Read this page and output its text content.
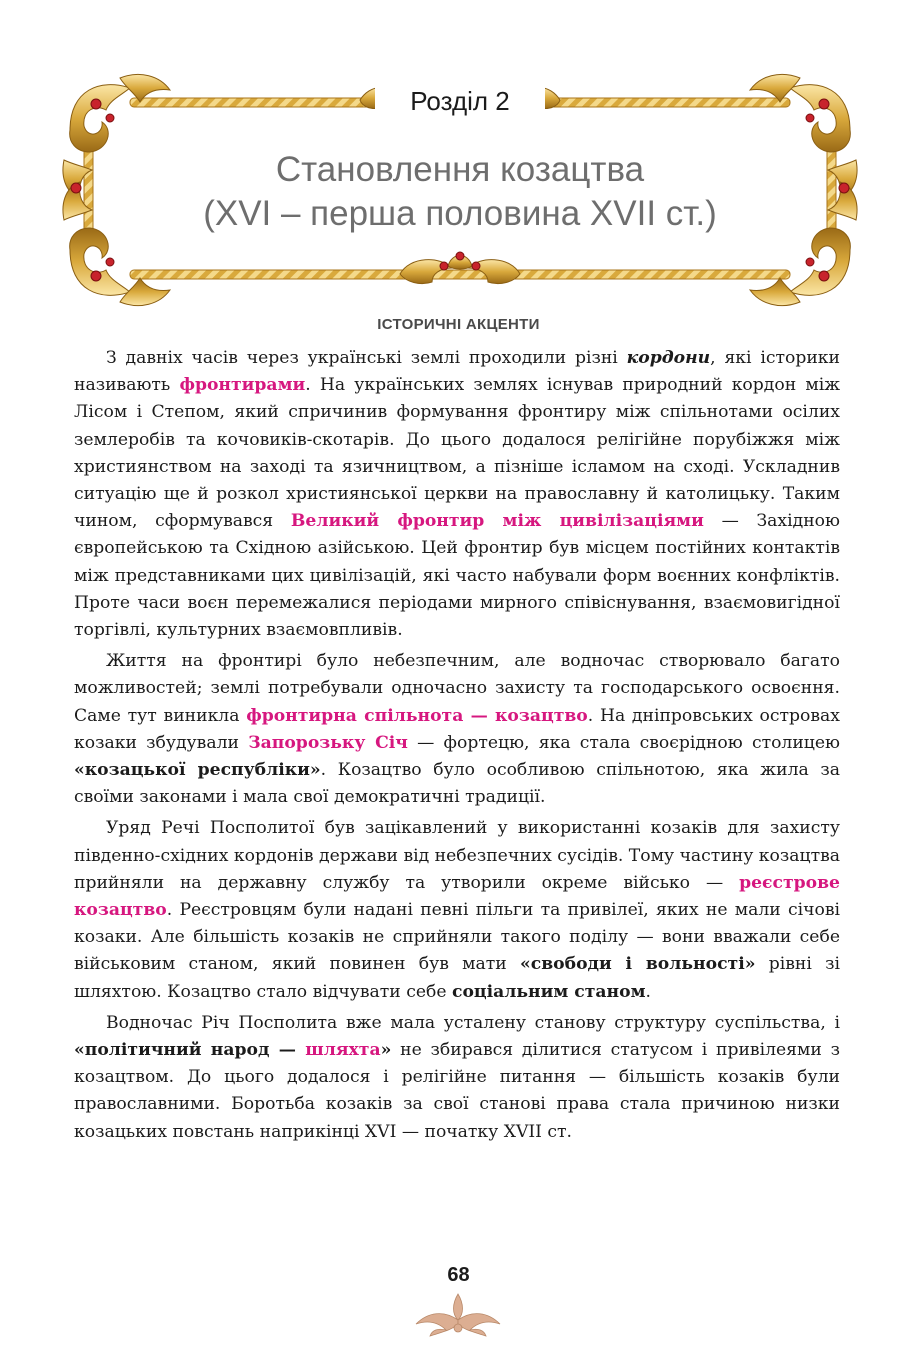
Розділ 2
Становлення козацтва
(XVI – перша половина XVII ст.)
ІСТОРИЧНІ АКЦЕНТИ

З давніх часів через українські землі проходили різні кордони, які історики називають фронтирами. На українських землях існував природний кордон між Лісом і Степом, який спричинив формування фронтиру між спільнотами осілих землеробів та кочовиків-скотарів. До цього додалося релігійне порубіжжя між християнством на заході та язичництвом, а пізніше ісламом на сході. Ускладнив ситуацію ще й розкол християнської церкви на православну й католицьку. Таким чином, сформувався Великий фронтир між цивілізаціями — Західною європейською та Східною азійською. Цей фронтир був місцем постійних контактів між представниками цих цивілізацій, які часто набували форм воєнних конфліктів. Проте часи воєн перемежалися періодами мирного співіснування, взаємовигідної торгівлі, культурних взаємовпливів.

Життя на фронтирі було небезпечним, але водночас створювало багато можливостей; землі потребували одночасно захисту та господарського освоєння. Саме тут виникла фронтирна спільнота — козацтво. На дніпровських островах козаки збудували Запорозьку Січ — фортецю, яка стала своєрідною столицею «козацької республіки». Козацтво було особливою спільнотою, яка жила за своїми законами і мала свої демократичні традиції.

Уряд Речі Посполитої був зацікавлений у використанні козаків для захисту південно-східних кордонів держави від небезпечних сусідів. Тому частину козацтва прийняли на державну службу та утворили окреме військо — реєстрове козацтво. Реєстровцям були надані певні пільги та привілеї, яких не мали січові козаки. Але більшість козаків не сприйняли такого поділу — вони вважали себе військовим станом, який повинен був мати «свободи і вольності» рівні зі шляхтою. Козацтво стало відчувати себе соціальним станом.

Водночас Річ Посполита вже мала усталену станову структуру суспільства, і «політичний народ — шляхта» не збирався ділитися статусом і привілеями з козацтвом. До цього додалося і релігійне питання — більшість козаків були православними. Боротьба козаків за свої станові права стала причиною низки козацьких повстань наприкінці XVI — початку XVII ст.

68
